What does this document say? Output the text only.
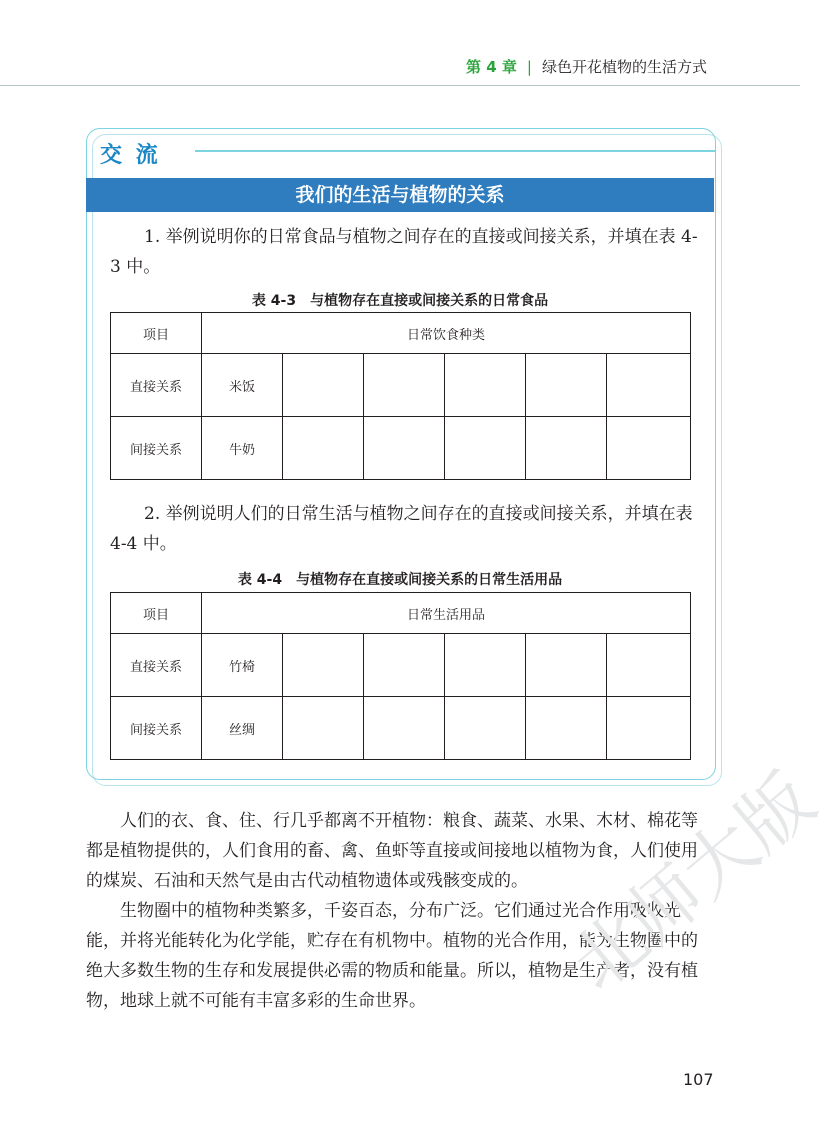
第 4 章 | 绿色开花植物的生活方式
交 流
我们的生活与植物的关系
1. 举例说明你的日常食品与植物之间存在的直接或间接关系，并填在表 4-3 中。
表 4-3　与植物存在直接或间接关系的日常食品
项目	日常饮食种类					
直接关系	米饭					
间接关系	牛奶					
2. 举例说明人们的日常生活与植物之间存在的直接或间接关系，并填在表 4-4 中。
表 4-4　与植物存在直接或间接关系的日常生活用品
项目	日常生活用品					
直接关系	竹椅					
间接关系	丝绸					

人们的衣、食、住、行几乎都离不开植物：粮食、蔬菜、水果、木材、棉花等都是植物提供的，人们食用的畜、禽、鱼虾等直接或间接地以植物为食，人们使用的煤炭、石油和天然气是由古代动植物遗体或残骸变成的。

生物圈中的植物种类繁多，千姿百态，分布广泛。它们通过光合作用吸收光能，并将光能转化为化学能，贮存在有机物中。植物的光合作用，能为生物圈中的绝大多数生物的生存和发展提供必需的物质和能量。所以，植物是生产者，没有植物，地球上就不可能有丰富多彩的生命世界。	北师大版
107
